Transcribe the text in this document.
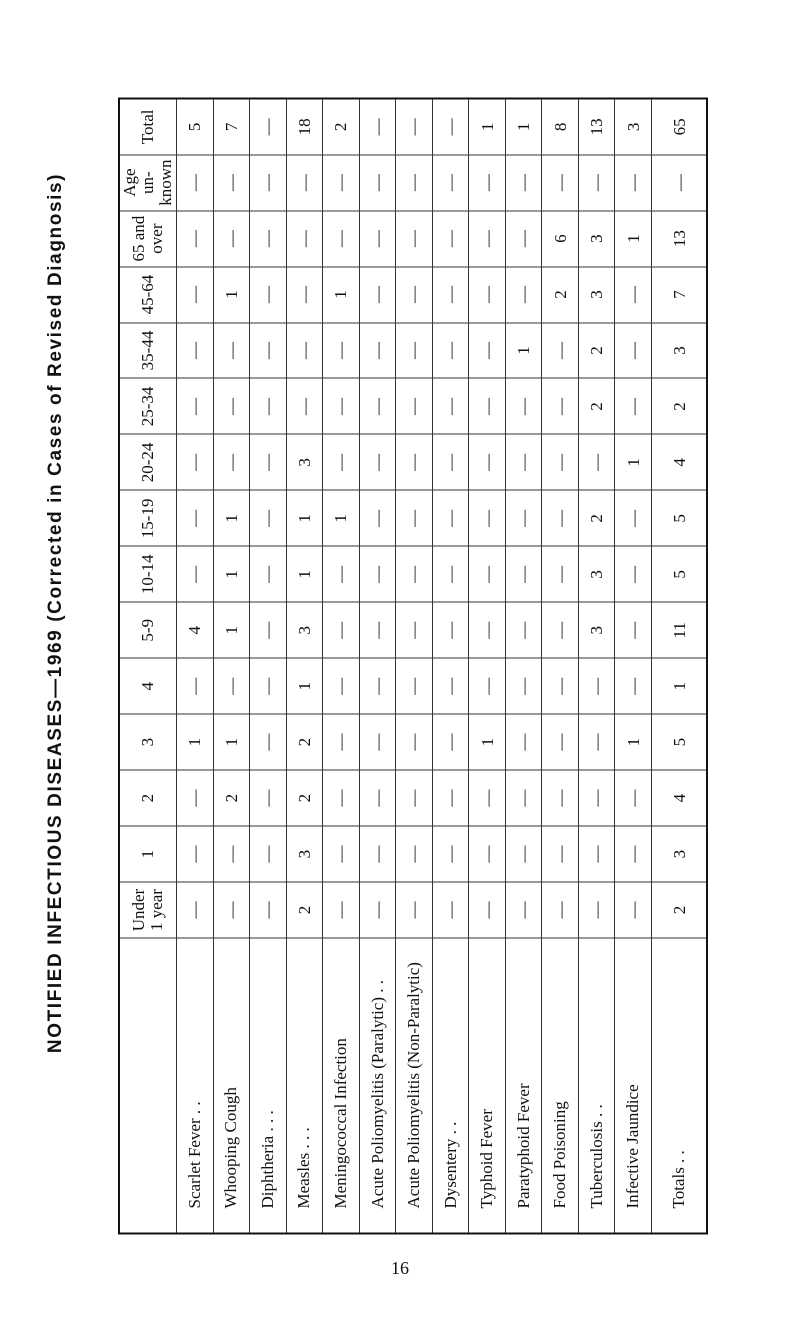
NOTIFIED INFECTIOUS DISEASES—1969 (Corrected in Cases of Revised Diagnosis)
		Under 1 year	1	2	3	4	5-9	10-14	15-19	20-24	25-34	35-44	45-64	65 and over	Age un-known	Total
Scarlet Fever . .	—	—	—	1	—	4	—	—	—	—	—	—	—	—	5
Whooping Cough	—	—	2	1	—	1	1	1	—	—	—	1	—	—	7
Diphtheria . . .	—	—	—	—	—	—	—	—	—	—	—	—	—	—	—
Measles . . .	2	3	2	2	1	3	1	1	3	—	—	—	—	—	18
Meningococcal Infection	—	—	—	—	—	—	—	1	—	—	—	1	—	—	2
Acute Poliomyelitis (Paralytic) . .	—	—	—	—	—	—	—	—	—	—	—	—	—	—	—
Acute Poliomyelitis (Non-Paralytic)	—	—	—	—	—	—	—	—	—	—	—	—	—	—	—
Dysentery . .	—	—	—	—	—	—	—	—	—	—	—	—	—	—	—
Typhoid Fever	—	—	—	1	—	—	—	—	—	—	—	—	—	—	1
Paratyphoid Fever	—	—	—	—	—	—	—	—	—	—	1	—	—	—	1
Food Poisoning	—	—	—	—	—	—	—	—	—	—	—	2	6	—	8
Tuberculosis . .	—	—	—	—	—	3	3	2	—	2	2	3	3	—	13
Infective Jaundice	—	—	—	1	—	—	—	—	1	—	—	—	1	—	3
Totals . .	2	3	4	5	1	11	5	5	4	2	3	7	13	—	65
16
